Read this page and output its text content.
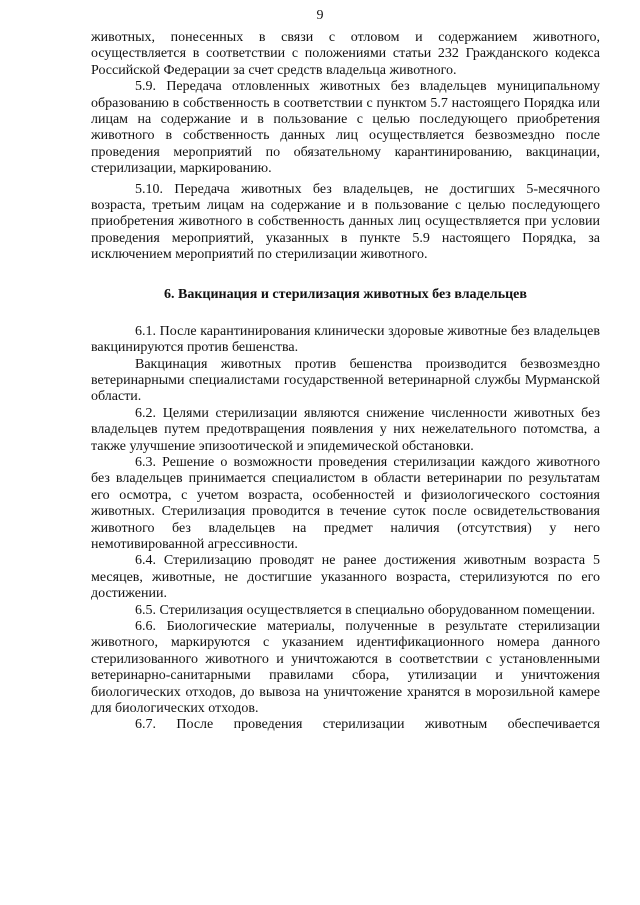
9

животных, понесенных в связи с отловом и содержанием животного, осуществляется в соответствии с положениями статьи 232 Гражданского кодекса Российской Федерации за счет средств владельца животного.

5.9. Передача отловленных животных без владельцев муниципальному образованию в собственность в соответствии с пунктом 5.7 настоящего Порядка или лицам на содержание и в пользование с целью последующего приобретения животного в собственность данных лиц осуществляется безвозмездно после проведения мероприятий по обязательному карантинированию, вакцинации, стерилизации, маркированию.

5.10. Передача животных без владельцев, не достигших 5-месячного возраста, третьим лицам на содержание и в пользование с целью последующего приобретения животного в собственность данных лиц осуществляется при условии проведения мероприятий, указанных в пункте 5.9 настоящего Порядка, за исключением мероприятий по стерилизации животного.

6. Вакцинация и стерилизация животных без владельцев

6.1. После карантинирования клинически здоровые животные без владельцев вакцинируются против бешенства.

Вакцинация животных против бешенства производится безвозмездно ветеринарными специалистами государственной ветеринарной службы Мурманской области.

6.2. Целями стерилизации являются снижение численности животных без владельцев путем предотвращения появления у них нежелательного потомства, а также улучшение эпизоотической и эпидемической обстановки.

6.3. Решение о возможности проведения стерилизации каждого животного без владельцев принимается специалистом в области ветеринарии по результатам его осмотра, с учетом возраста, особенностей и физиологического состояния животных. Стерилизация проводится в течение суток после освидетельствования животного без владельцев на предмет наличия (отсутствия) у него немотивированной агрессивности.

6.4. Стерилизацию проводят не ранее достижения животным возраста 5 месяцев, животные, не достигшие указанного возраста, стерилизуются по его достижении.

6.5. Стерилизация осуществляется в специально оборудованном помещении.

6.6. Биологические материалы, полученные в результате стерилизации животного, маркируются с указанием идентификационного номера данного стерилизованного животного и уничтожаются в соответствии с установленными ветеринарно-санитарными правилами сбора, утилизации и уничтожения биологических отходов, до вывоза на уничтожение хранятся в морозильной камере для биологических отходов.

6.7. После проведения стерилизации животным обеспечивается
